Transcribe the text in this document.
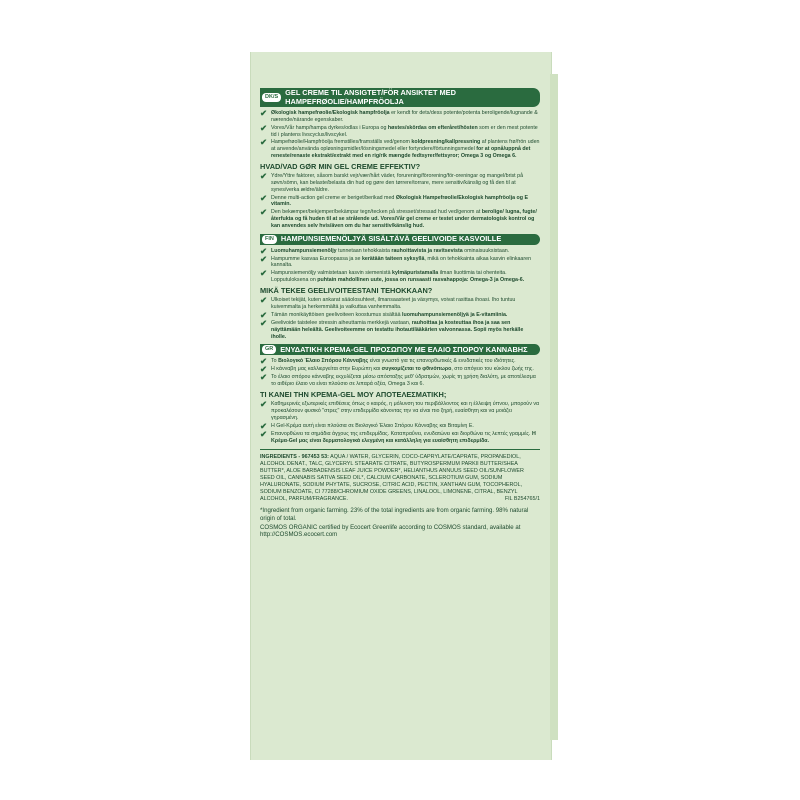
DK/S GEL CREME TIL ANSIGTET/FÖR ANSIKTET MED HAMPEFRØOLIE/HAMPFRÖOLJA
✔ Økologisk hampefrøolie/Ekologisk hampfröolja er kendt for dets/dess potente/potenta beroligende/lugnande & nærende/närande egenskaber.
✔ Vores/Vår hamp/hampa dyrkes/odlas i Europa og høstes/skördas om efteråret/hösten som er den mest potente tid i plantens livscyclus/livscykel.
✔ Hampefrøolie/Hampfröolja fremstilles/framställs ved/genom koldpresning/kallpressning af plantens frø/frön uden at anvende/använda opløsningsmidler/lösningsmedel eller fortyndere/förtunningsmedel for at opnå/uppnå det reneste/renaste ekstrakt/extrakt med en rig/rik mængde fedtsyrer/fettsyror; Omega 3 og Omega 6.
HVAD/VAD GØR MIN GEL CREME EFFEKTIV?
✔ Ydre/Yttre faktorer, såsom barskt vejr/vær/hårt väder, forurening/förorening/för-oreningar og mangel/brist på søvn/sömn, kan belaste/belasta din hud og gøre den tørrere/torrare, mere sensitiv/känslig og få den til at synes/verka ældre/äldre.
✔ Denne multi-action gel creme er beriget/berikad med Økologisk Hampefrøolie/Ekologisk hampfröolja og E vitamin.
✔ Den bekæmper/bekjemper/bekämpar tegn/tecken på stresset/stressad hud ved/genom at berolige/ lugna, fugte/återfukta og få huden til at se strålende ud. Vores/Vår gel creme er testet under dermatologisk kontrol og kan anvendes selv hvis/även om du har sensitiv/känslig hud.
FIN HAMPUNSIEMENÖLJYÄ SISÄLTÄVÄ GEELIVOIDE KASVOILLE
✔ Luomuhampunsiemenöljy tunnetaan tehokkaista rauhoittavista ja ravitsevista ominaisuuksistaan.
✔ Hampumme kasvaa Euroopassa ja se kerätään taiteen syksyllä, mikä on tehokkainta aikaa kasvin elinkaaren kannalta.
✔ Hampunsiemenöljy valmistetaan kasvin siemenistä kylmäpuristamalla ilman liuottimia tai ohenteita. Lopputuloksena on puhtain mahdollinen uute, jossa on runsaasti rasvahappoja: Omega-3 ja Omega-6.
MIKÄ TEKEE GEELIVOITEESTANI TEHOKKAAN?
✔ Ulkoiset tekijät, kuten ankarat sääolosuhteet, ilmansaasteet ja väsymys, voivat rasittaa ihoasi. Iho tuntuu kuivemmalta ja herkemmältä ja vaikuttaa vanhemmalta.
✔ Tämän monikäyttöisen geelivoiteen koostumus sisältää luomuhampunsiemenöljyä ja E-vitamiinia.
✔ Geelivoide taistelee stressin aiheuttamia merkkejä vastaan, rauhoittaa ja kosteuttaa ihoa ja saa sen näyttämään heleältä. Geelivoiteemme on testattu ihotautilääkärien valvonnassa. Sopii myös herkälle iholle.
GR ΕΝΥΔΑΤΙΚΗ ΚΡΕΜΑ-GEL ΠΡΟΣΩΠΟΥ ΜΕ ΕΛΑΙΟ ΣΠΟΡΟΥ ΚΑΝΝΑΒΗΣ
✔ Το Βιολογικό Έλαιο Σπόρου Κάνναβης είναι γνωστό για τις επανορθωτικές & ενυδατικές του ιδιότητες.
✔ Η κάνναβη μας καλλιεργείται στην Ευρώπη και συγκομίζεται το φθινόπωρο, στο απόγειο του κύκλου ζωής της.
✔ Το έλαιο σπόρου κάνναβης εκχυλίζεται μέσω απόσταξης μεθ' ύδρατμών, χωρίς τη χρήση διαλύτη, με αποτέλεσμα το αιθέριο έλαιο να είναι πλούσιο σε λιπαρά οξέα, Omega 3 και 6.
ΤΙ ΚΑΝΕΙ ΤΗΝ ΚΡΕΜΑ-GEL ΜΟΥ ΑΠΟΤΕΛΕΣΜΑΤΙΚΗ;
✔ Καθημερινές εξωτερικές επιθέσεις όπως ο καιρός, η μόλυνση του περιβάλλοντος και η έλλειψη ύπνου, μπορούν να προκαλέσουν φυσικό "στρες" στην επιδερμίδα κάνοντας την να είναι πιο ξηρή, ευαίσθητη και να μοιάζει γηρασμένη.
✔ Η Gel-Κρέμα αυτή είναι πλούσια σε Βιολογικό Έλαιο Σπόρου Κάνναβης και Βιταμίνη Ε.
✔ Επανορθώνει τα σημάδια άγχους της επιδερμίδας. Καταπραΰνει, ενυδατώνει και διορθώνει τις λεπτές γραμμές. Η Κρέμα-Gel μας είναι δερματολογικά ελεγμένη και κατάλληλη για ευαίσθητη επιδερμίδα.
INGREDIENTS - 967453 53: AQUA / WATER, GLYCERIN, COCO-CAPRYLATE/CAPRATE, PROPANEDIOL, ALCOHOL DENAT., TALC, GLYCERYL STEARATE CITRATE, BUTYROSPERMUM PARKII BUTTER/SHEA BUTTER*, ALOE BARBADENSIS LEAF JUICE POWDER*, HELIANTHUS ANNUUS SEED OIL/SUNFLOWER SEED OIL, CANNABIS SATIVA SEED OIL*, CALCIUM CARBONATE, SCLEROTIUM GUM, SODIUM HYALURONATE, SODIUM PHYTATE, SUCROSE, CITRIC ACID, PECTIN, XANTHAN GUM, TOCOPHEROL, SODIUM BENZOATE, CI 77288/CHROMIUM OXIDE GREENS, LINALOOL, LIMONENE, CITRAL, BENZYL ALCOHOL, PARFUM/FRAGRANCE.	FIL B254765/1
*Ingredient from organic farming. 23% of the total ingredients are from organic farming. 98% natural origin of total.
COSMOS ORGANIC certified by Ecocert Greenlife according to COSMOS standard, available at http://COSMOS.ecocert.com
